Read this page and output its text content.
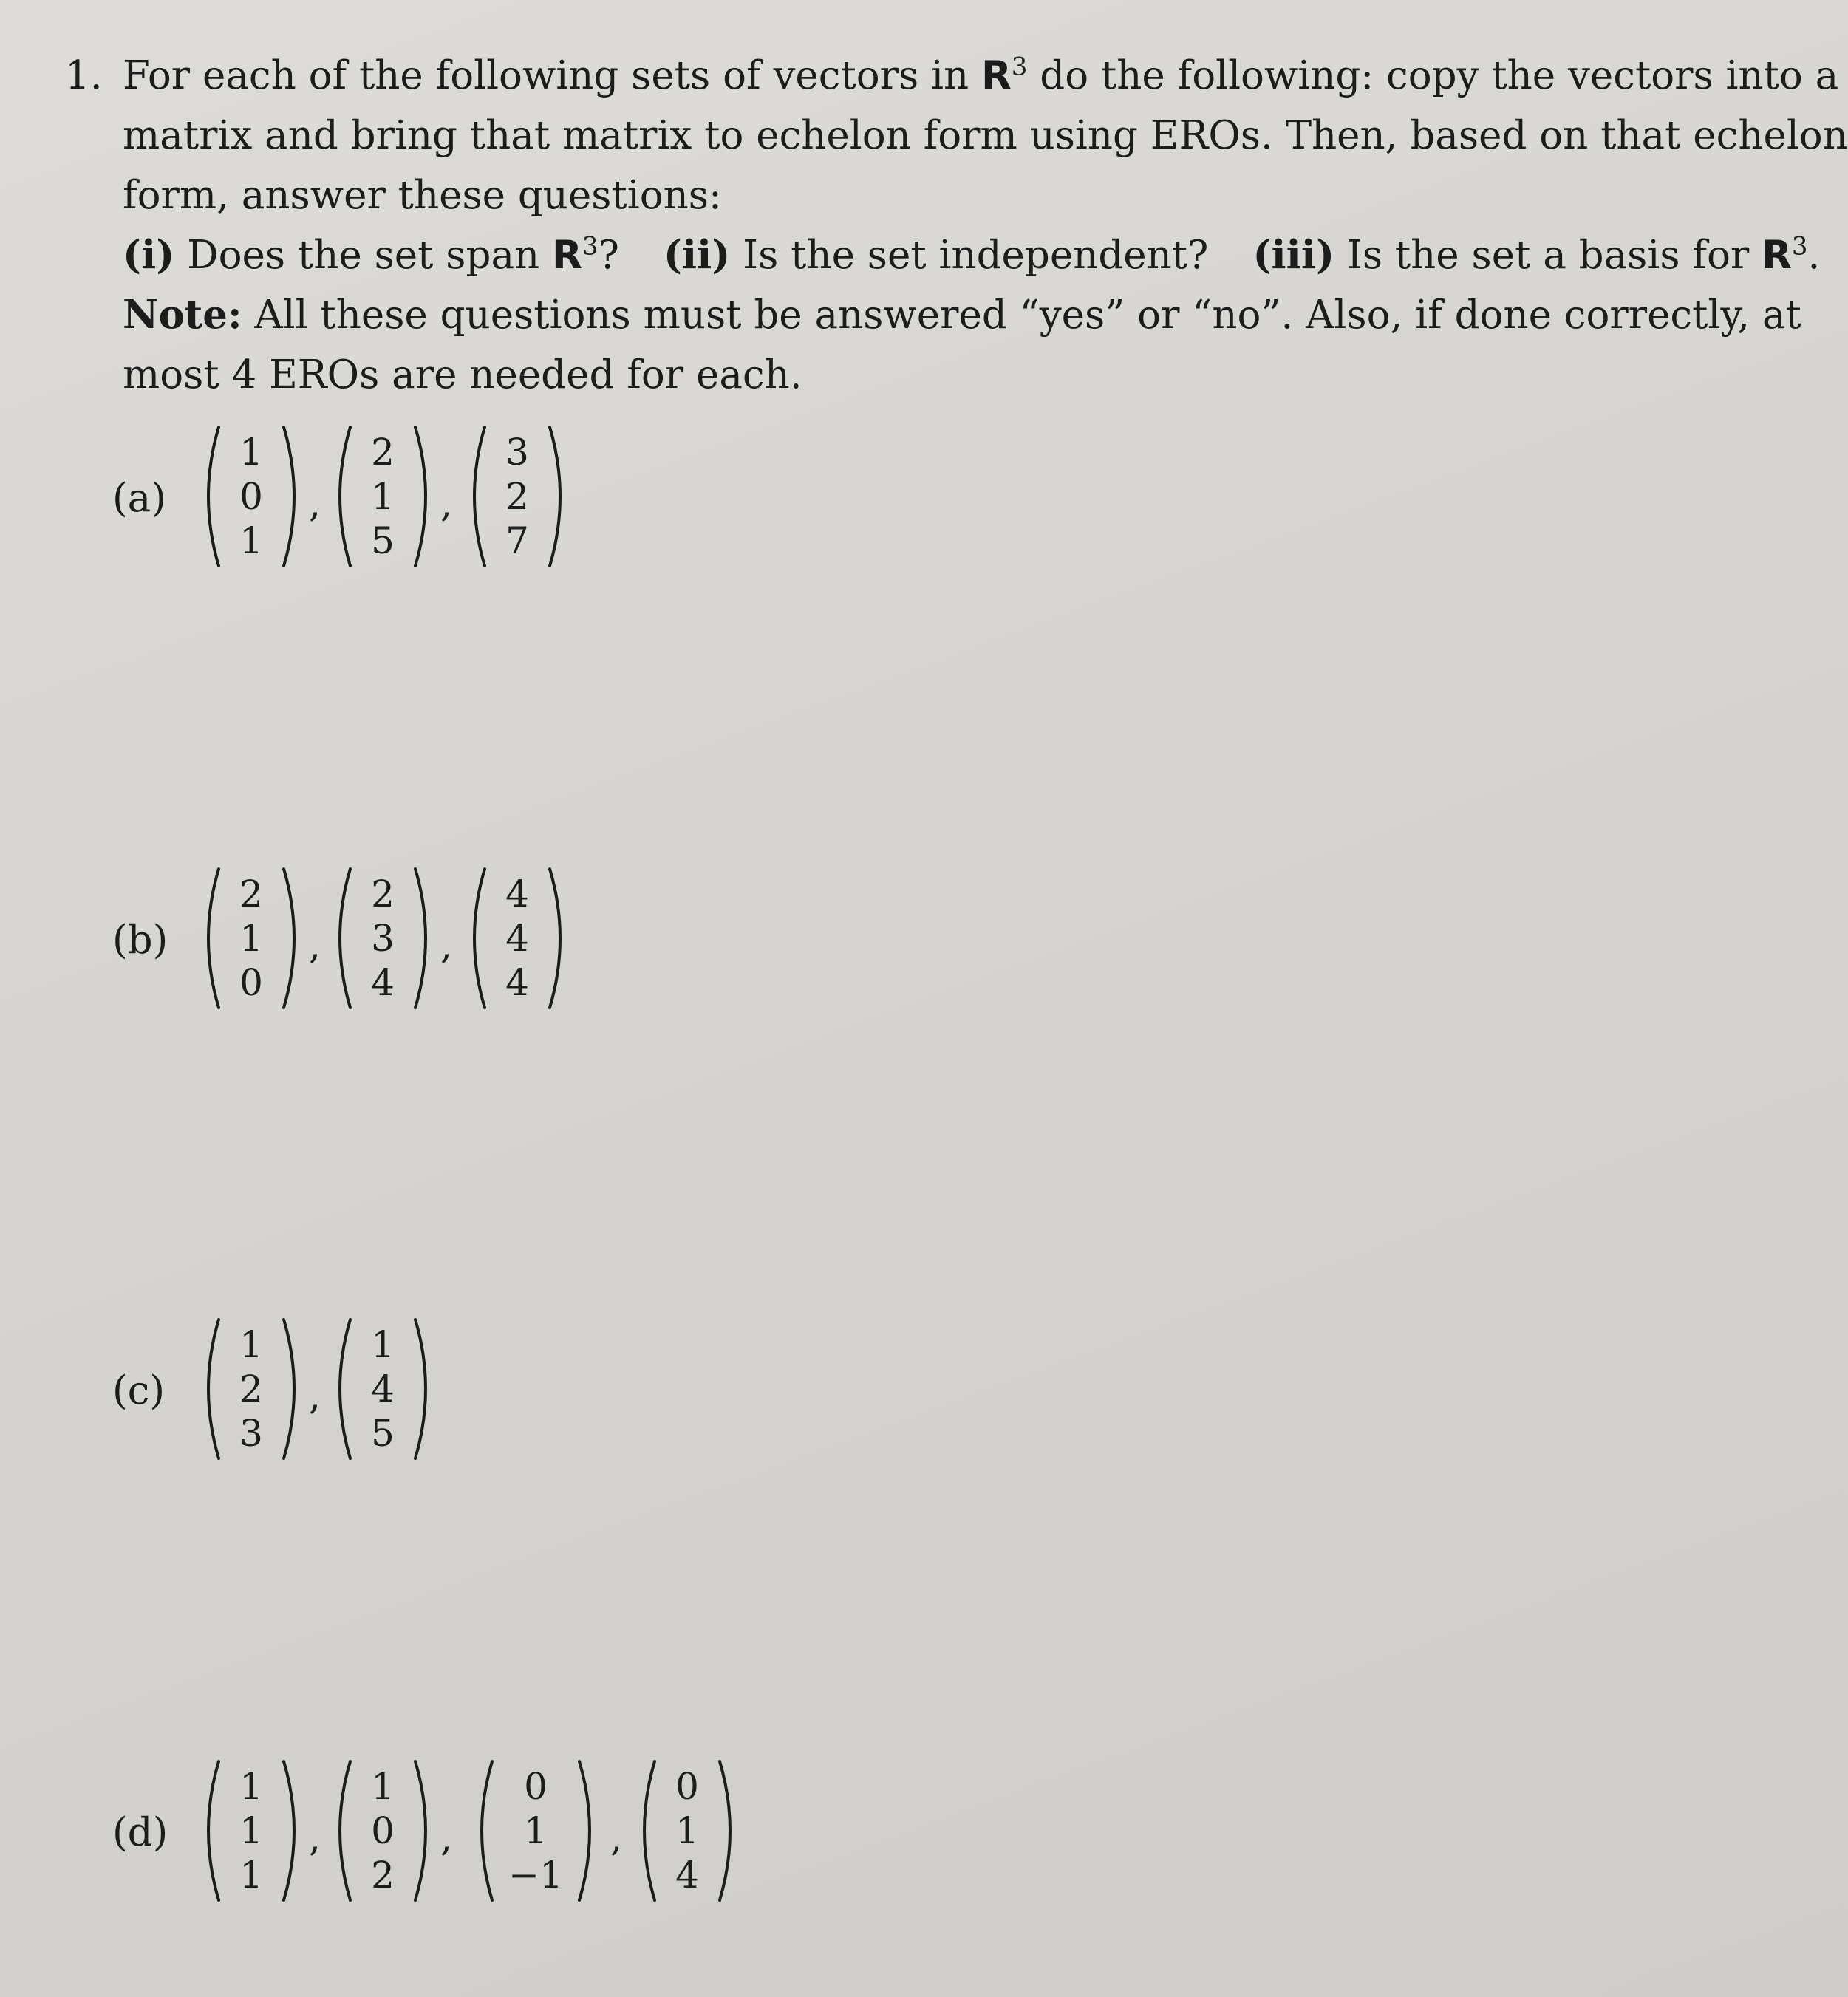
1. For each of the following sets of vectors in $R^3$ do the following: copy the vectors into a
matrix and bring that matrix to echelon form using EROs. Then, based on that echelon
form, answer these questions:
(i) Does the set span $R^3$? (ii) Is the set independent? (iii) Is the set a basis for $R^3$.
Note: All these questions must be answered “yes” or “no”. Also, if done correctly, at
most 4 EROs are needed for each.
(a)
1
0
1
,
2
1
5
,
3
2
7
(b)
2
1
0
,
2
3
4
,
4
4
4
(c)
1
2
3
,
1
4
5
(d)
1
1
1
,
1
0
2
,
0
1
−1
,
0
1
4
